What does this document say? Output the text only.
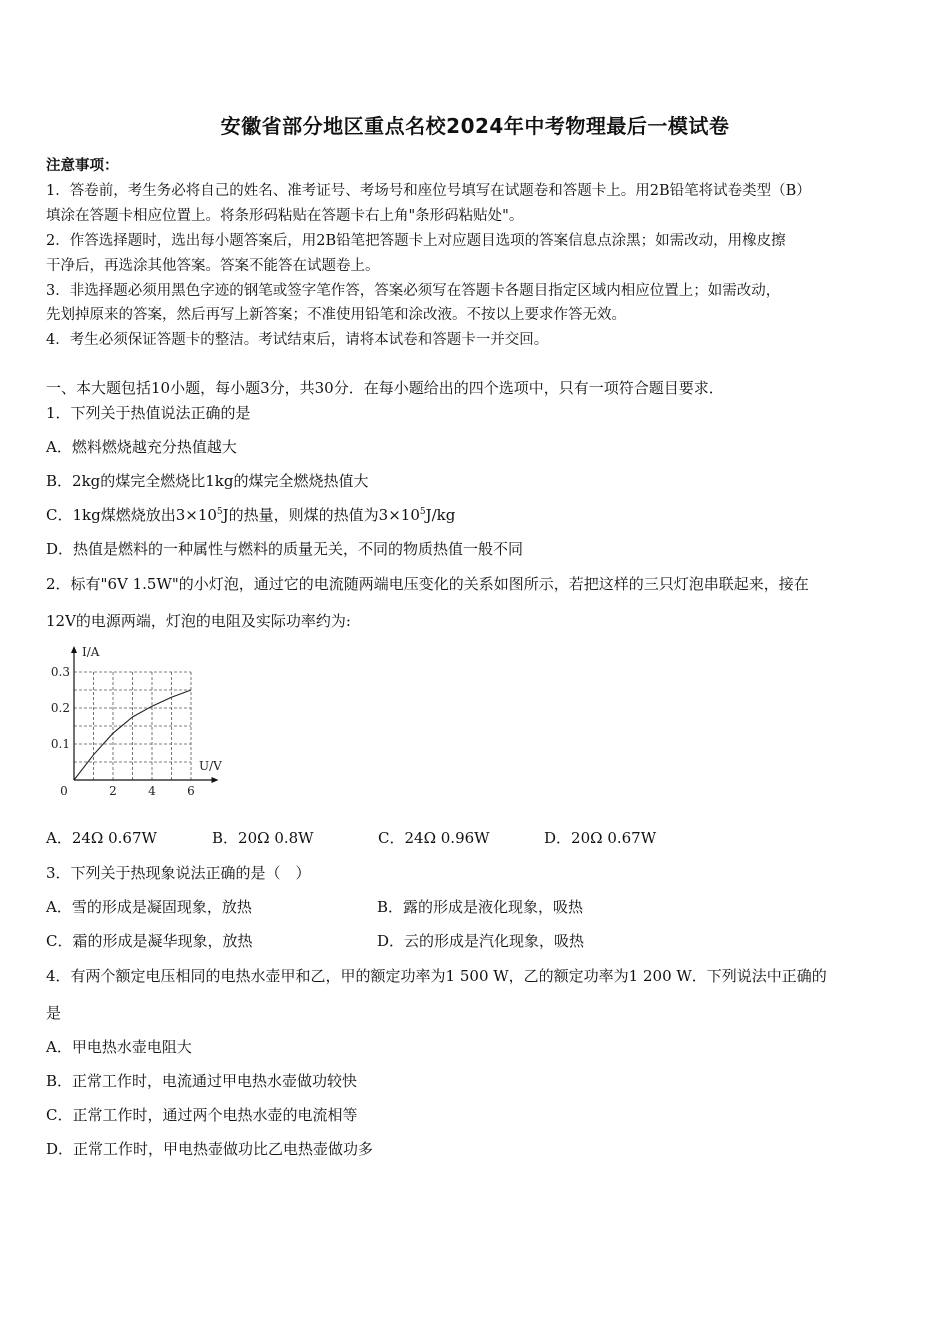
安徽省部分地区重点名校2024年中考物理最后一模试卷
注意事项：
1．答卷前，考生务必将自己的姓名、准考证号、考场号和座位号填写在试题卷和答题卡上。用2B铅笔将试卷类型（B）
填涂在答题卡相应位置上。将条形码粘贴在答题卡右上角"条形码粘贴处"。
2．作答选择题时，选出每小题答案后，用2B铅笔把答题卡上对应题目选项的答案信息点涂黑；如需改动，用橡皮擦
干净后，再选涂其他答案。答案不能答在试题卷上。
3．非选择题必须用黑色字迹的钢笔或签字笔作答，答案必须写在答题卡各题目指定区域内相应位置上；如需改动，
先划掉原来的答案，然后再写上新答案；不准使用铅笔和涂改液。不按以上要求作答无效。
4．考生必须保证答题卡的整洁。考试结束后，请将本试卷和答题卡一并交回。
一、本大题包括10小题，每小题3分，共30分．在每小题给出的四个选项中，只有一项符合题目要求．
1．下列关于热值说法正确的是
A．燃料燃烧越充分热值越大
B．2kg的煤完全燃烧比1kg的煤完全燃烧热值大
C．1kg煤燃烧放出$3\times 10^5J$的热量，则煤的热值为$3\times 10^5J/kg$
D．热值是燃料的一种属性与燃料的质量无关，不同的物质热值一般不同
2．标有"6V 1.5W"的小灯泡，通过它的电流随两端电压变化的关系如图所示，若把这样的三只灯泡串联起来，接在
12V的电源两端，灯泡的电阻及实际功率约为:
2	4	6
0.1
0.2
0.3
0
U/V
I/A
A．24Ω 0.67W	B．20Ω 0.8W	C．24Ω 0.96W	D．20Ω 0.67W
3．下列关于热现象说法正确的是（　）
A．雪的形成是凝固现象，放热	B．露的形成是液化现象，吸热
C．霜的形成是凝华现象，放热	D．云的形成是汽化现象，吸热
4．有两个额定电压相同的电热水壶甲和乙，甲的额定功率为1 500 W，乙的额定功率为1 200 W．下列说法中正确的
是
A．甲电热水壶电阻大
B．正常工作时，电流通过甲电热水壶做功较快
C．正常工作时，通过两个电热水壶的电流相等
D．正常工作时，甲电热壶做功比乙电热壶做功多
